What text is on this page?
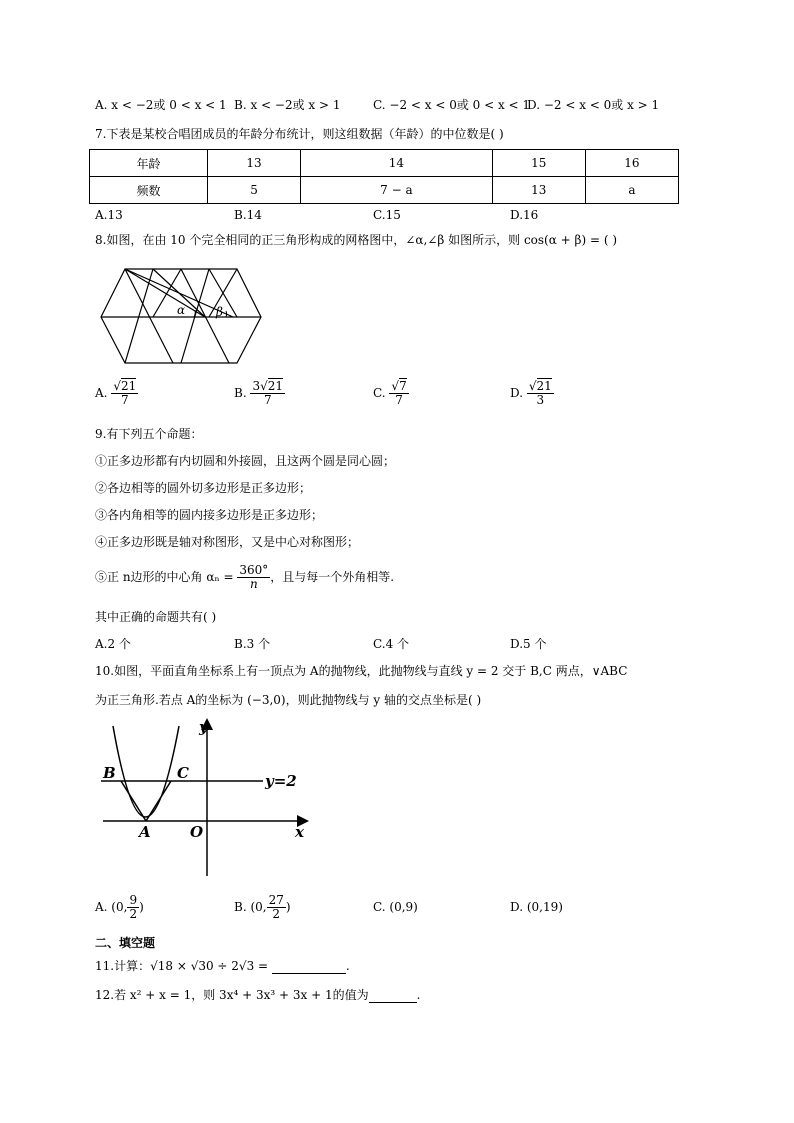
A. x < −2或 0 < x < 1 B. x < −2或 x > 1	C. −2 < x < 0或 0 < x < 1
D. −2 < x < 0或 x > 1
7.下表是某校合唱团成员的年龄分布统计，则这组数据（年龄）的中位数是( )
年龄	13	14	15	16
频数	5	7 − a	13	a
A.13	B.14	C.15	D.16
8.如图，在由 10 个完全相同的正三角形构成的网格图中，∠α,∠β 如图所示，则 cos(α + β) = ( )
α	β
A. $\frac{√21}{7}$	B. $\frac{3√21}{7}$	C. $\frac{√7}{7}$	D. $\frac{√21}{3}$
9.有下列五个命题：
①正多边形都有内切圆和外接圆，且这两个圆是同心圆；
②各边相等的圆外切多边形是正多边形；
③各内角相等的圆内接多边形是正多边形；
④正多边形既是轴对称图形，又是中心对称图形；
⑤正 n边形的中心角 $\alpha_n = \frac{360^\circ}{n}$ ，且与每一个外角相等.
其中正确的命题共有( )
A.2 个	B.3 个	C.4 个	D.5 个
10.如图，平面直角坐标系上有一顶点为 A的抛物线，此抛物线与直线 y = 2 交于 B,C 两点，∨ABC
为正三角形.若点 A的坐标为 (−3,0)，则此抛物线与 y 轴的交点坐标是( )
y
x
y=2
B	C
A	O
A. (0, $\frac{9}{2}$ )	B. (0, $\frac{27}{2}$ )	C. (0,9)	D. (0,19)
二、填空题
11.计算：√18 × √30 ÷ 2√3 =	.
12.若 x² + x = 1，则 3x⁴ + 3x³ + 3x + 1的值为	.
